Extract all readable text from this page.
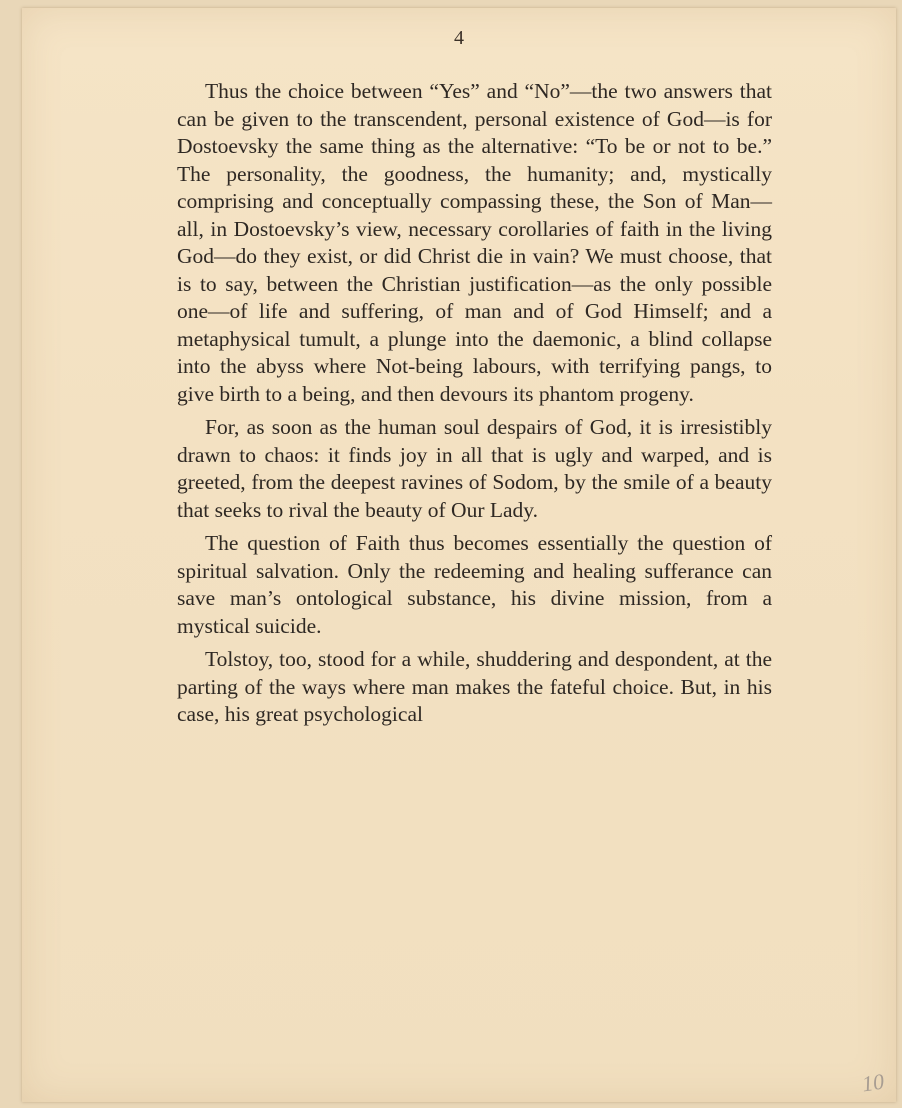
4

Thus the choice between “Yes” and “No”—the two answers that can be given to the transcendent, personal existence of God—is for Dostoevsky the same thing as the alternative: “To be or not to be.” The personality, the goodness, the humanity; and, mystically comprising and conceptually compassing these, the Son of Man—all, in Dostoevsky’s view, necessary corollaries of faith in the living God—do they exist, or did Christ die in vain? We must choose, that is to say, between the Christian justification—as the only possible one—of life and suffering, of man and of God Himself; and a metaphysical tumult, a plunge into the daemonic, a blind collapse into the abyss where Not-being labours, with terrifying pangs, to give birth to a being, and then devours its phantom progeny.

For, as soon as the human soul despairs of God, it is irresistibly drawn to chaos: it finds joy in all that is ugly and warped, and is greeted, from the deepest ravines of Sodom, by the smile of a beauty that seeks to rival the beauty of Our Lady.

The question of Faith thus becomes essentially the question of spiritual salvation. Only the redeeming and healing sufferance can save man’s ontological substance, his divine mission, from a mystical suicide.

Tolstoy, too, stood for a while, shuddering and despondent, at the parting of the ways where man makes the fateful choice. But, in his case, his great psychological

10
